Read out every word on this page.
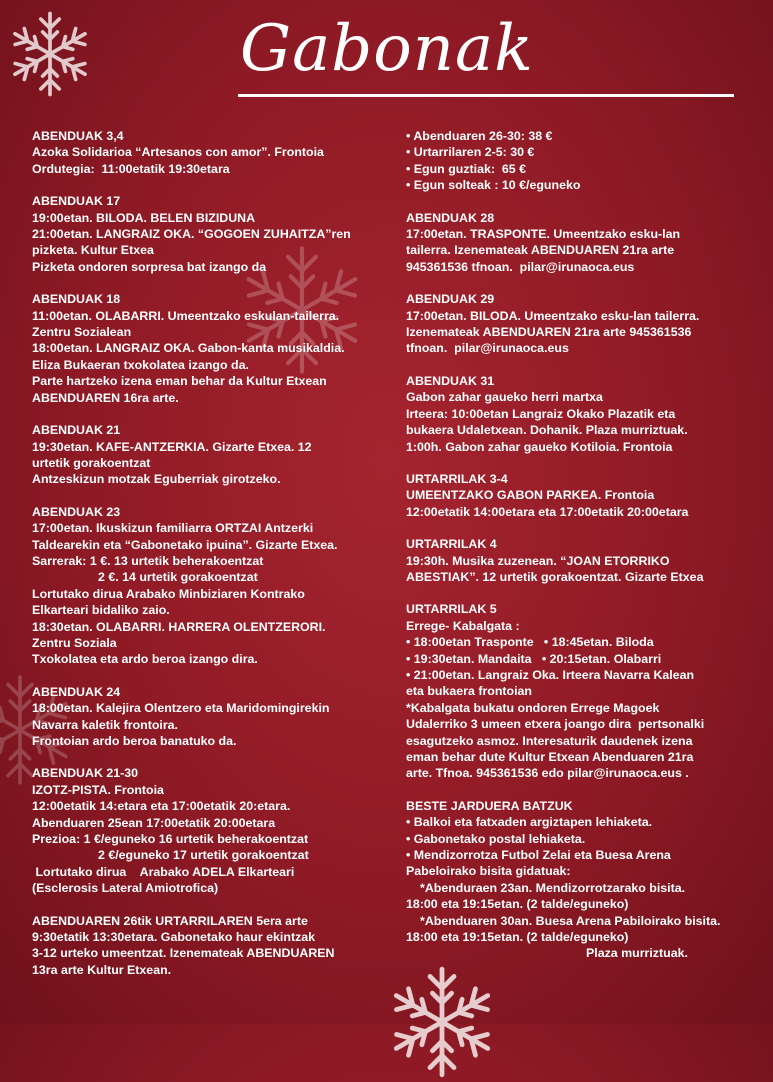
Gabonak
ABENDUAK 3,4
Azoka Solidarioa “Artesanos con amor”. Frontoia
Ordutegia:  11:00etatik 19:30etara
ABENDUAK 17
19:00etan. BILODA. BELEN BIZIDUNA
21:00etan. LANGRAIZ OKA. “GOGOEN ZUHAITZA”ren
pizketa. Kultur Etxea
Pizketa ondoren sorpresa bat izango da
ABENDUAK 18
11:00etan. OLABARRI. Umeentzako eskulan-tailerra.
Zentru Sozialean
18:00etan. LANGRAIZ OKA. Gabon-kanta musikaldia.
Eliza Bukaeran txokolatea izango da.
Parte hartzeko izena eman behar da Kultur Etxean
ABENDUAREN 16ra arte.
ABENDUAK 21
19:30etan. KAFE-ANTZERKIA. Gizarte Etxea. 12
urtetik gorakoentzat
Antzeskizun motzak Eguberriak girotzeko.
ABENDUAK 23
17:00etan. Ikuskizun familiarra ORTZAI Antzerki
Taldearekin eta “Gabonetako ipuina”. Gizarte Etxea.
Sarrerak: 1 €. 13 urtetik beherakoentzat
2 €. 14 urtetik gorakoentzat
Lortutako dirua Arabako Minbiziaren Kontrako
Elkarteari bidaliko zaio.
18:30etan. OLABARRI. HARRERA OLENTZERORI.
Zentru Soziala
Txokolatea eta ardo beroa izango dira.
ABENDUAK 24
18:00etan. Kalejira Olentzero eta Maridomingirekin
Navarra kaletik frontoira.
Frontoian ardo beroa banatuko da.
ABENDUAK 21-30
IZOTZ-PISTA. Frontoia
12:00etatik 14:etara eta 17:00etatik 20:etara.
Abenduaren 25ean 17:00etatik 20:00etara
Prezioa: 1 €/eguneko 16 urtetik beherakoentzat
2 €/eguneko 17 urtetik gorakoentzat
Lortutako dirua    Arabako ADELA Elkarteari
(Esclerosis Lateral Amiotrofica)
ABENDUAREN 26tik URTARRILAREN 5era arte
9:30etatik 13:30etara. Gabonetako haur ekintzak
3-12 urteko umeentzat. Izenemateak ABENDUAREN
13ra arte Kultur Etxean.
• Abenduaren 26-30: 38 €
• Urtarrilaren 2-5: 30 €
• Egun guztiak:  65 €
• Egun solteak : 10 €/eguneko
ABENDUAK 28
17:00etan. TRASPONTE. Umeentzako esku-lan
tailerra. Izenemateak ABENDUAREN 21ra arte
945361536 tfnoan.  pilar@irunaoca.eus
ABENDUAK 29
17:00etan. BILODA. Umeentzako esku-lan tailerra.
Izenemateak ABENDUAREN 21ra arte 945361536
tfnoan.  pilar@irunaoca.eus
ABENDUAK 31
Gabon zahar gaueko herri martxa
Irteera: 10:00etan Langraiz Okako Plazatik eta
bukaera Udaletxean. Dohanik. Plaza murriztuak.
1:00h. Gabon zahar gaueko Kotiloia. Frontoia
URTARRILAK 3-4
UMEENTZAKO GABON PARKEA. Frontoia
12:00etatik 14:00etara eta 17:00etatik 20:00etara
URTARRILAK 4
19:30h. Musika zuzenean. “JOAN ETORRIKO
ABESTIAK”. 12 urtetik gorakoentzat. Gizarte Etxea
URTARRILAK 5
Errege- Kabalgata :
• 18:00etan Trasponte   • 18:45etan. Biloda
• 19:30etan. Mandaita   • 20:15etan. Olabarri
• 21:00etan. Langraiz Oka. Irteera Navarra Kalean
eta bukaera frontoian
*Kabalgata bukatu ondoren Errege Magoek
Udalerriko 3 umeen etxera joango dira  pertsonalki
esagutzeko asmoz. Interesaturik daudenek izena
eman behar dute Kultur Etxean Abenduaren 21ra
arte. Tfnoa. 945361536 edo pilar@irunaoca.eus .
BESTE JARDUERA BATZUK
• Balkoi eta fatxaden argiztapen lehiaketa.
• Gabonetako postal lehiaketa.
• Mendizorrotza Futbol Zelai eta Buesa Arena
Pabeloirako bisita gidatuak:
*Abenduraen 23an. Mendizorrotzarako bisita.
18:00 eta 19:15etan. (2 talde/eguneko)
*Abenduaren 30an. Buesa Arena Pabiloirako bisita.
18:00 eta 19:15etan. (2 talde/eguneko)
Plaza murriztuak.
